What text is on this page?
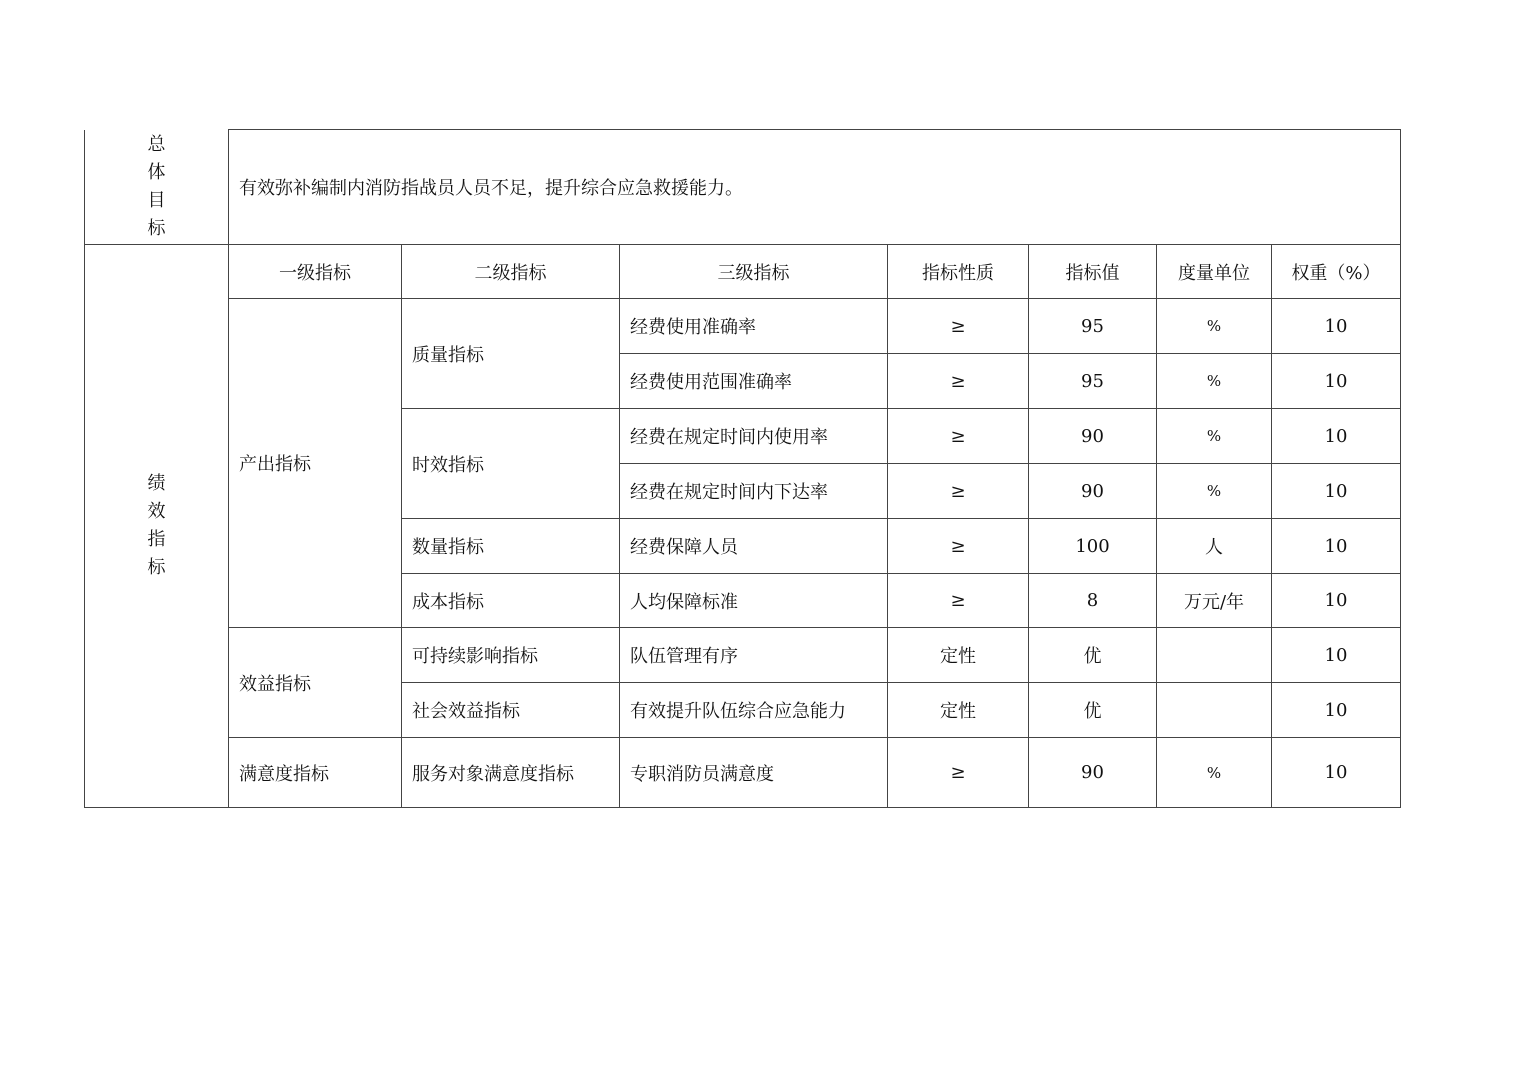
总体目标	有效弥补编制内消防指战员人员不足，提升综合应急救援能力。						
绩效指标	一级指标	二级指标	三级指标	指标性质	指标值	度量单位	权重（%）
	产出指标	质量指标	经费使用准确率	≥	95	%	10
			经费使用范围准确率	≥	95	%	10
		时效指标	经费在规定时间内使用率	≥	90	%	10
			经费在规定时间内下达率	≥	90	%	10
		数量指标	经费保障人员	≥	100	人	10
		成本指标	人均保障标准	≥	8	万元/年	10
	效益指标	可持续影响指标	队伍管理有序	定性	优		10
		社会效益指标	有效提升队伍综合应急能力	定性	优		10
	满意度指标	服务对象满意度指标	专职消防员满意度	≥	90	%	10
